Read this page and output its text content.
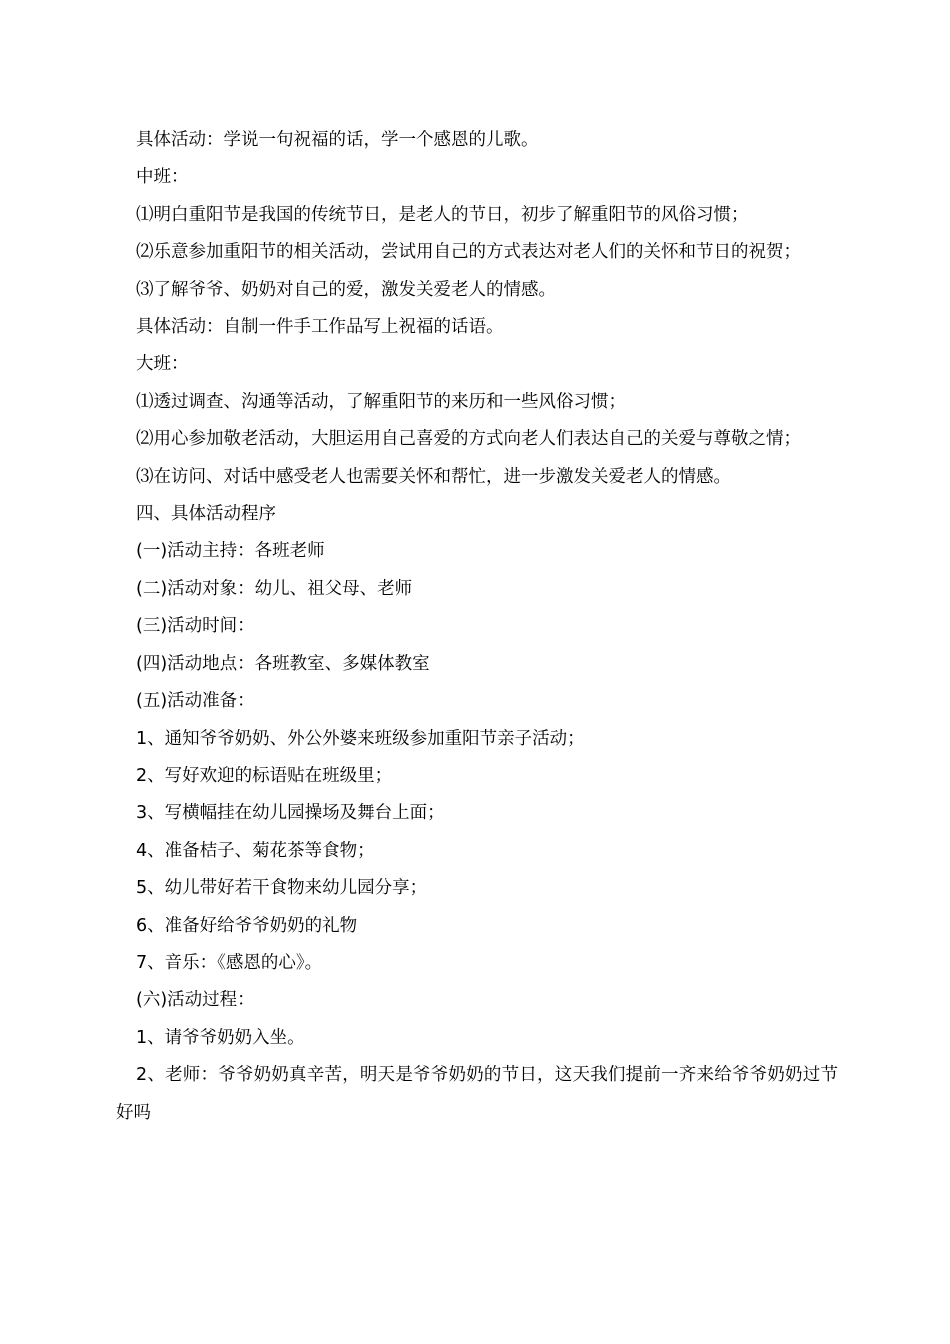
具体活动：学说一句祝福的话，学一个感恩的儿歌。

中班：

⑴明白重阳节是我国的传统节日，是老人的节日，初步了解重阳节的风俗习惯；

⑵乐意参加重阳节的相关活动，尝试用自己的方式表达对老人们的关怀和节日的祝贺；

⑶了解爷爷、奶奶对自己的爱，激发关爱老人的情感。

具体活动：自制一件手工作品写上祝福的话语。

大班：

⑴透过调查、沟通等活动，了解重阳节的来历和一些风俗习惯；

⑵用心参加敬老活动，大胆运用自己喜爱的方式向老人们表达自己的关爱与尊敬之情；

⑶在访问、对话中感受老人也需要关怀和帮忙，进一步激发关爱老人的情感。

四、具体活动程序

(一)活动主持：各班老师

(二)活动对象：幼儿、祖父母、老师

(三)活动时间：

(四)活动地点：各班教室、多媒体教室

(五)活动准备：

1、通知爷爷奶奶、外公外婆来班级参加重阳节亲子活动；

2、写好欢迎的标语贴在班级里；

3、写横幅挂在幼儿园操场及舞台上面；

4、准备桔子、菊花茶等食物；

5、幼儿带好若干食物来幼儿园分享；

6、准备好给爷爷奶奶的礼物

7、音乐：《感恩的心》。

(六)活动过程：

1、请爷爷奶奶入坐。

2、老师：爷爷奶奶真辛苦，明天是爷爷奶奶的节日，这天我们提前一齐来给爷爷奶奶过节好吗
